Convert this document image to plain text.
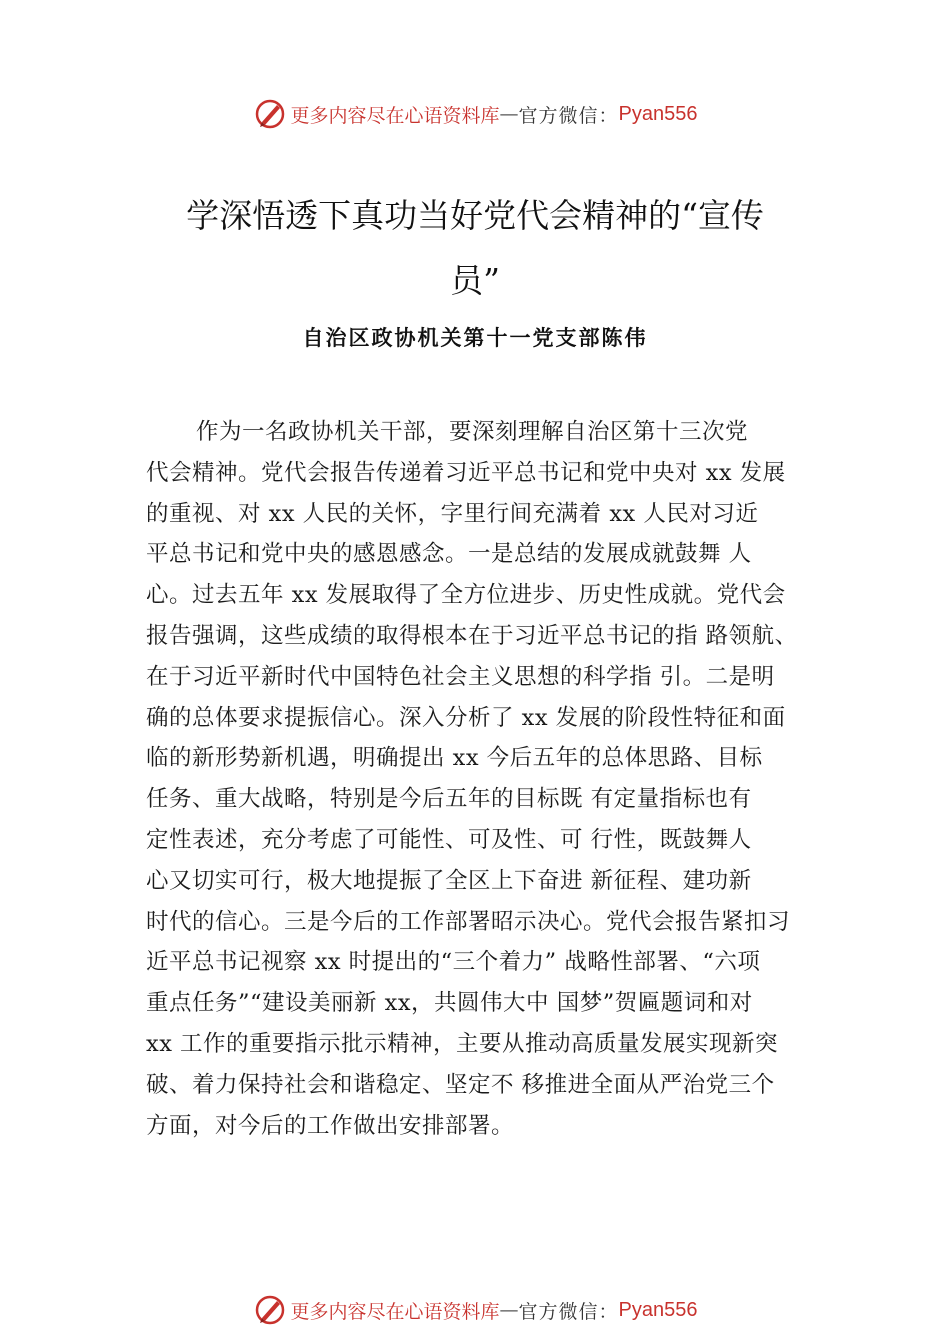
更多内容尽在心语资料库 — 官方微信： Pyan556
学深悟透下真功当好党代会精神的“宣传
员”
自治区政协机关第十一党支部陈伟
作为一名政协机关干部，要深刻理解自治区第十三次党
代会精神。党代会报告传递着习近平总书记和党中央对 xx 发展
的重视、对 xx 人民的关怀，字里行间充满着 xx 人民对习近
平总书记和党中央的感恩感念。一是总结的发展成就鼓舞 人
心。过去五年 xx 发展取得了全方位进步、历史性成就。党代会
报告强调，这些成绩的取得根本在于习近平总书记的指 路领航、
在于习近平新时代中国特色社会主义思想的科学指 引。二是明
确的总体要求提振信心。深入分析了 xx 发展的阶段性特征和面
临的新形势新机遇，明确提出 xx 今后五年的总体思路、目标
任务、重大战略，特别是今后五年的目标既 有定量指标也有
定性表述，充分考虑了可能性、可及性、可 行性，既鼓舞人
心又切实可行，极大地提振了全区上下奋进 新征程、建功新
时代的信心。三是今后的工作部署昭示决心。党代会报告紧扣习
近平总书记视察 xx 时提出的“三个着力” 战略性部署、“六项
重点任务”“建设美丽新 xx，共圆伟大中 国梦”贺匾题词和对
xx 工作的重要指示批示精神，主要从推动高质量发展实现新突
破、着力保持社会和谐稳定、坚定不 移推进全面从严治党三个
方面，对今后的工作做出安排部署。
更多内容尽在心语资料库 — 官方微信： Pyan556
